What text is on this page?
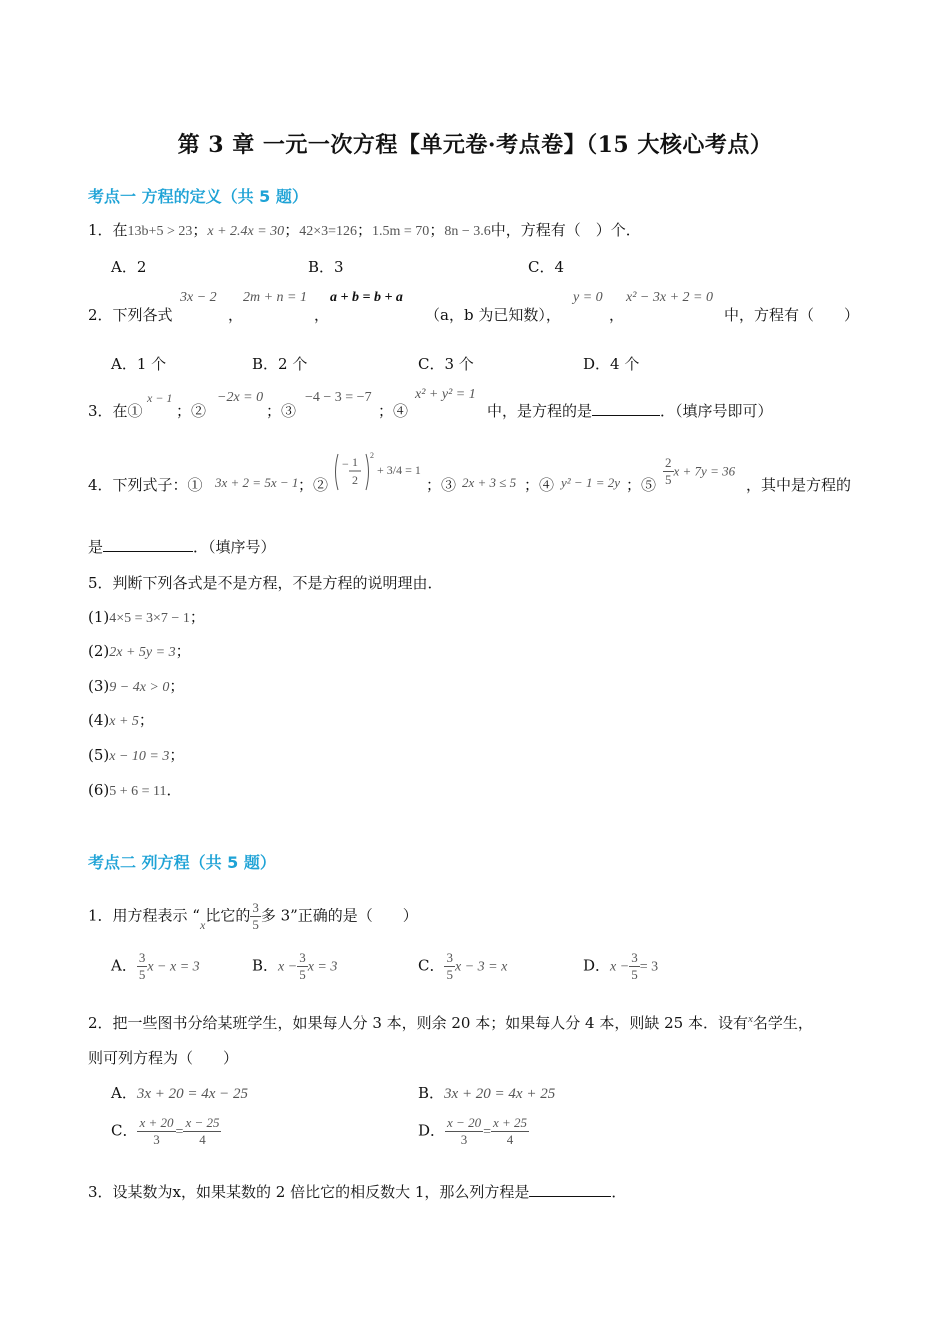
第 3 章 一元一次方程【单元卷·考点卷】（15 大核心考点）
考点一 方程的定义（共 5 题）
1．在13b+5 > 23；x + 2.4x = 30；42×3=126；1.5m = 70；8n − 3.6中，方程有（　）个．
A．2	B．3	C．4
2．下列各式
3x − 2
，
2m + n = 1
，
a + b = b + a
（a，b 为已知数），
y = 0
，
x² − 3x + 2 = 0
中，方程有（　　）
A．1 个	B．2 个	C．3 个	D．4 个
3．在①
x − 1
；②
−2x = 0
；③
−4 − 3 = −7
；④
x² + y² = 1
中，是方程的是	．（填序号即可）
4．下列式子：① 3x + 2 = 5x − 1 ；②
− 1
2
2
+ 3/4 = 1
；③ 2x + 3 ≤ 5 ；④ y² − 1 = 2y ；⑤ $\frac{2}{5}$ x + 7y = 36
，其中是方程的
是	．（填序号）
5．判断下列各式是不是方程，不是方程的说明理由．
(1)4×5 = 3×7 − 1；
(2)2x + 5y = 3；
(3)9 − 4x > 0；
(4)x + 5；
(5)x − 10 = 3；
(6)5 + 6 = 11．
考点二 列方程（共 5 题）
1．用方程表示 “$_x$比它的 $\frac{3}{5}$ 多 3”正确的是（　　）
A． $\frac{3}{5}$ x − x = 3	B．$x - \frac{3}{5}$ x = 3	C． $\frac{3}{5}$ x − 3 = x	D．$x - \frac{3}{5} = 3$
2．把一些图书分给某班学生，如果每人分 3 本，则余 20 本；如果每人分 4 本，则缺 25 本．设有$^x$名学生，
则可列方程为（　　）
A．3x + 20 = 4x − 25	B．3x + 20 = 4x + 25
C． $\frac{x + 20}{3} = \frac{x - 25}{4}$	D． $\frac{x - 20}{3} = \frac{x + 25}{4}$
3．设某数为x，如果某数的 2 倍比它的相反数大 1，那么列方程是	．
